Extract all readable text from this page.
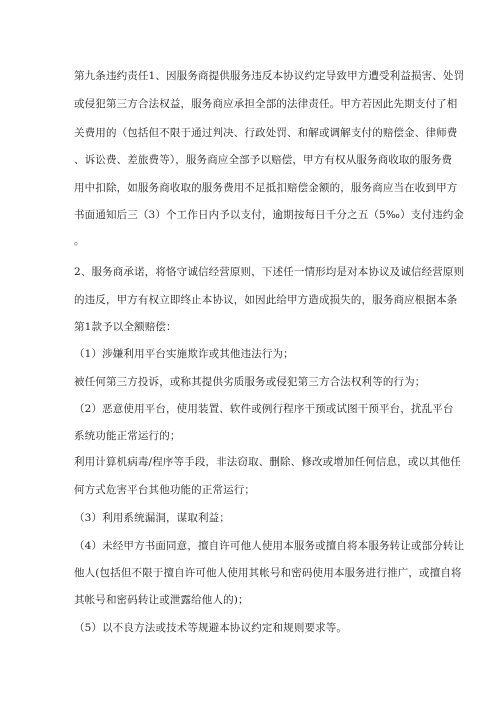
第九条违约责任1、因服务商提供服务违反本协议约定导致甲方遭受利益损害、处罚
或侵犯第三方合法权益，服务商应承担全部的法律责任。甲方若因此先期支付了相
关费用的（包括但不限于通过判决、行政处罚、和解或调解支付的赔偿金、律师费
、诉讼费、差旅费等），服务商应全部予以赔偿，甲方有权从服务商收取的服务费
用中扣除，如服务商收取的服务费用不足抵扣赔偿金额的，服务商应当在收到甲方
书面通知后三（3）个工作日内予以支付，逾期按每日千分之五（5‰）支付违约金
。
2、服务商承诺，将恪守诚信经营原则，下述任一情形均是对本协议及诚信经营原则
的违反，甲方有权立即终止本协议，如因此给甲方造成损失的，服务商应根据本条
第1款予以全额赔偿：
（1）涉嫌利用平台实施欺诈或其他违法行为；
被任何第三方投诉，或称其提供劣质服务或侵犯第三方合法权利等的行为；
（2）恶意使用平台，使用装置、软件或例行程序干预或试图干预平台，扰乱平台
系统功能正常运行的；
利用计算机病毒/程序等手段，非法窃取、删除、修改或增加任何信息，或以其他任
何方式危害平台其他功能的正常运行；
（3）利用系统漏洞，谋取利益；
（4）未经甲方书面同意，擅自许可他人使用本服务或擅自将本服务转让或部分转让
他人(包括但不限于擅自许可他人使用其帐号和密码使用本服务进行推广，或擅自将
其帐号和密码转让或泄露给他人的)；
（5）以不良方法或技术等规避本协议约定和规则要求等。
